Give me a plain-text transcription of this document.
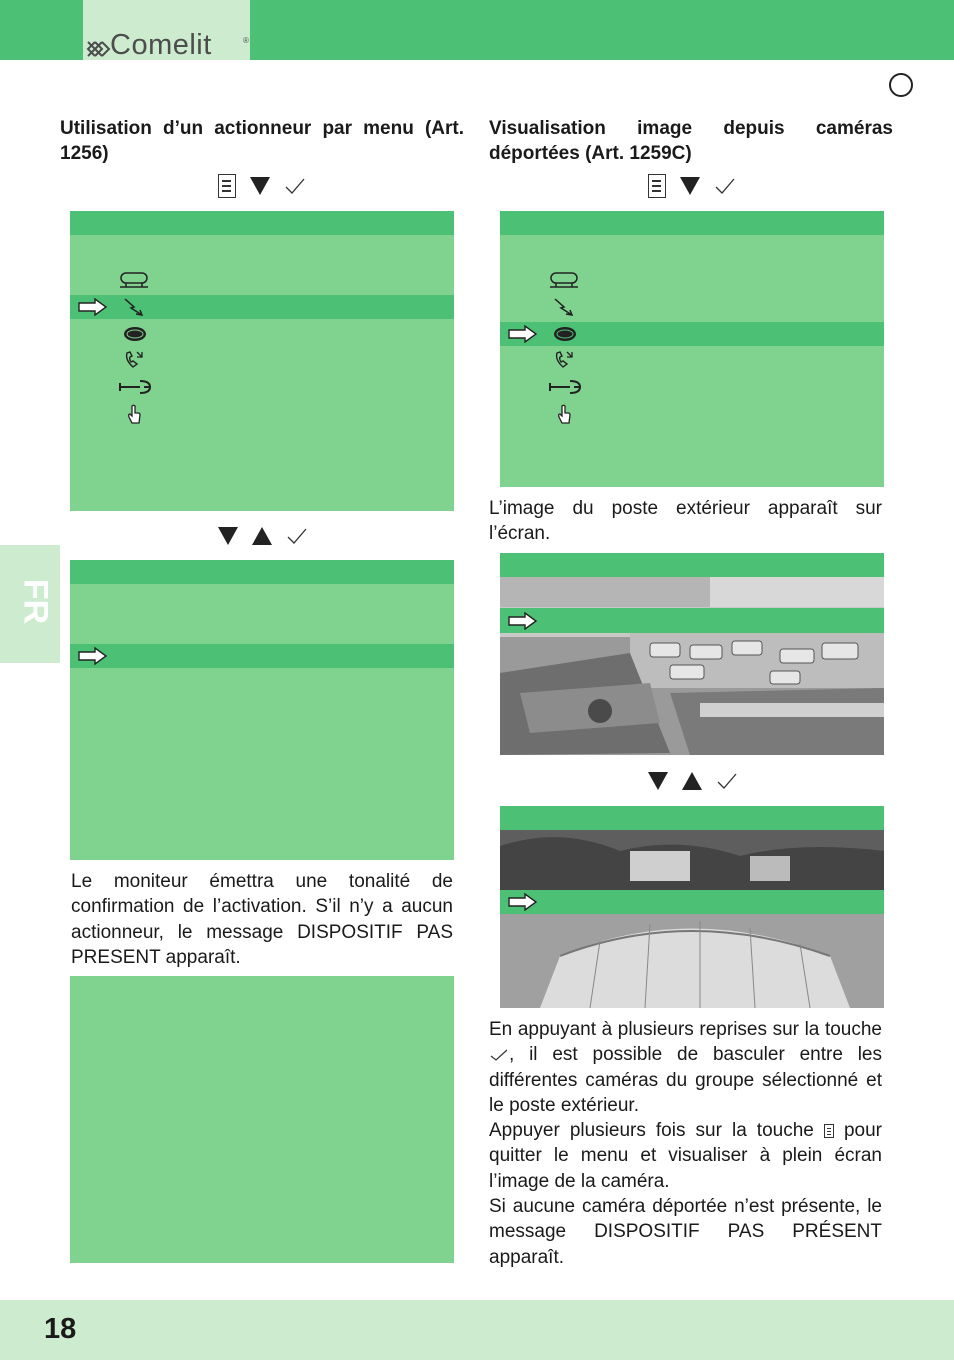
Comelit	®
Utilisation d’un actionneur par menu (Art. 1256)
Le moniteur émettra une tonalité de confirmation de l’activation. S’il n’y a aucun actionneur, le message DISPOSITIF PAS PRESENT apparaît.
FR
Visualisation image depuis caméras déportées (Art. 1259C)
L’image du poste extérieur apparaît sur l’écran.

En appuyant à plusieurs reprises sur la touche , il est possible de basculer entre les différentes caméras du groupe sélectionné et le poste extérieur.

Appuyer plusieurs fois sur la touche pour quitter le menu et visualiser à plein écran l’image de la caméra.

Si aucune caméra déportée n’est présente, le message DISPOSITIF PAS PRÉSENT apparaît.

18
